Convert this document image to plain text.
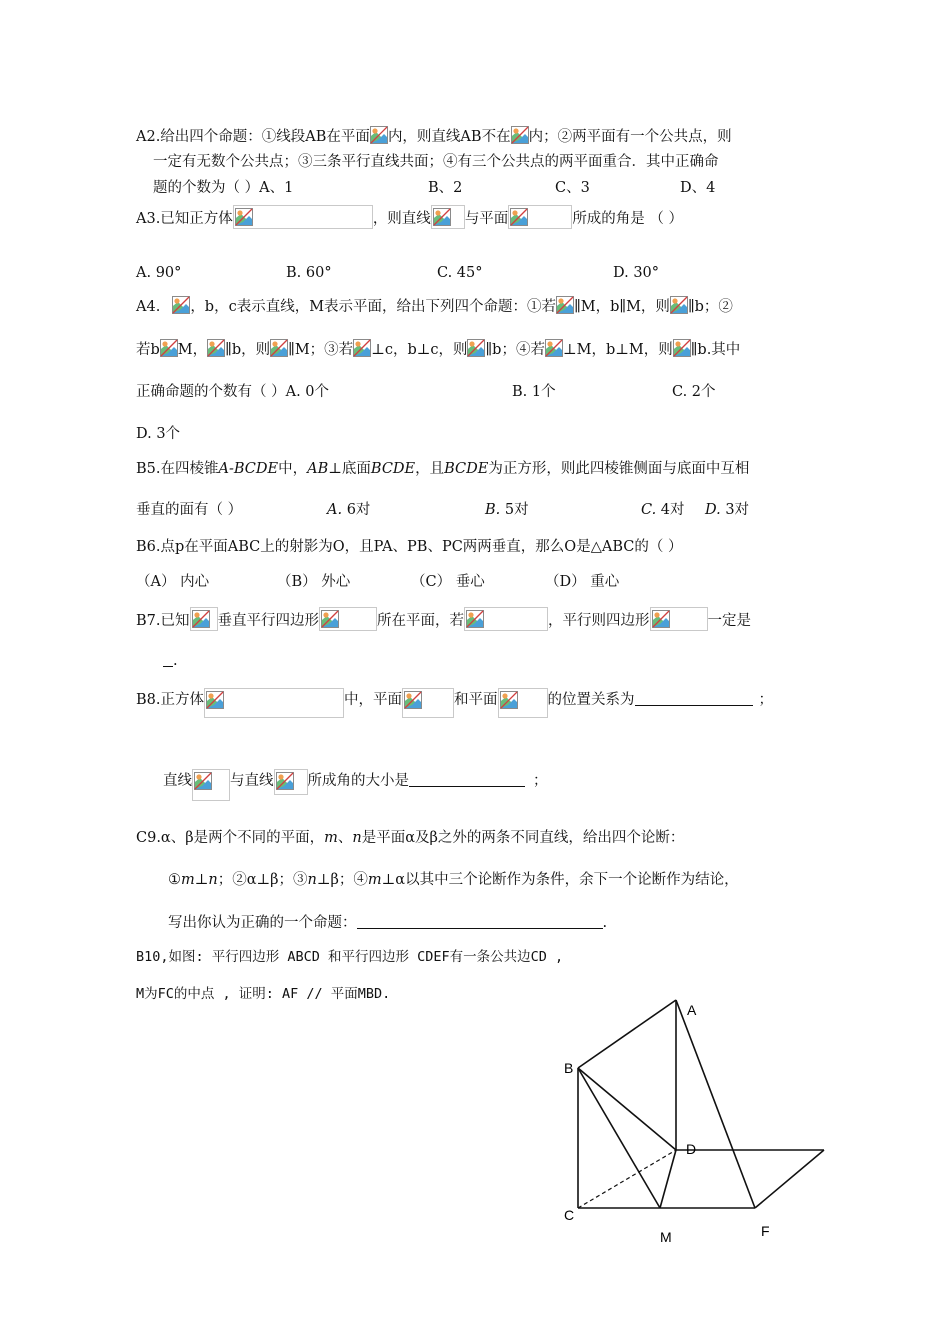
A2.给出四个命题：①线段AB在平面 内，则直线AB不在 内；②两平面有一个公共点，则
一定有无数个公共点；③三条平行直线共面；④有三个公共点的两平面重合．其中正确命
题的个数为（ ）A、1	B、2	C、3	D、4
A3.已知正方体	，则直线 与平面	所成的角是 （ ）
A. 90°	B. 60°	C. 45°	D. 30°
A4. ，b，c表示直线，M表示平面，给出下列四个命题：①若 ∥M，b∥M，则 ∥b；②
若b M， ∥b，则 ∥M；③若 ⊥c，b⊥c，则 ∥b；④若 ⊥M，b⊥M，则 ∥b.其中
正确命题的个数有（ ）A. 0个	B. 1个	C. 2个
D. 3个
B5.在四棱锥A-BCDE中，AB⊥底面BCDE，且BCDE为正方形，则此四棱锥侧面与底面中互相
垂直的面有（ ）	A. 6对	B. 5对	C. 4对 D. 3对
B6.点p在平面ABC上的射影为O，且PA、PB、PC两两垂直，那么O是△ABC的（ ）
（A） 内心	（B） 外心	（C） 垂心	（D） 重心
B7.已知 垂直平行四边形	所在平面，若	，平行则四边形	一定是
.
B8.正方体	中，平面	和平面	的位置关系为	；
直线	与直线 所成角的大小是	；
C9.α、β是两个不同的平面，m、n是平面α及β之外的两条不同直线，给出四个论断：
①m⊥n；②α⊥β；③n⊥β；④m⊥α以其中三个论断作为条件，余下一个论断作为结论，
写出你认为正确的一个命题：	.
B10,如图: 平行四边形 ABCD 和平行四边形 CDEF有一条公共边CD ,
M为FC的中点 , 证明: AF // 平面MBD.
A
B
D
C
M	F
